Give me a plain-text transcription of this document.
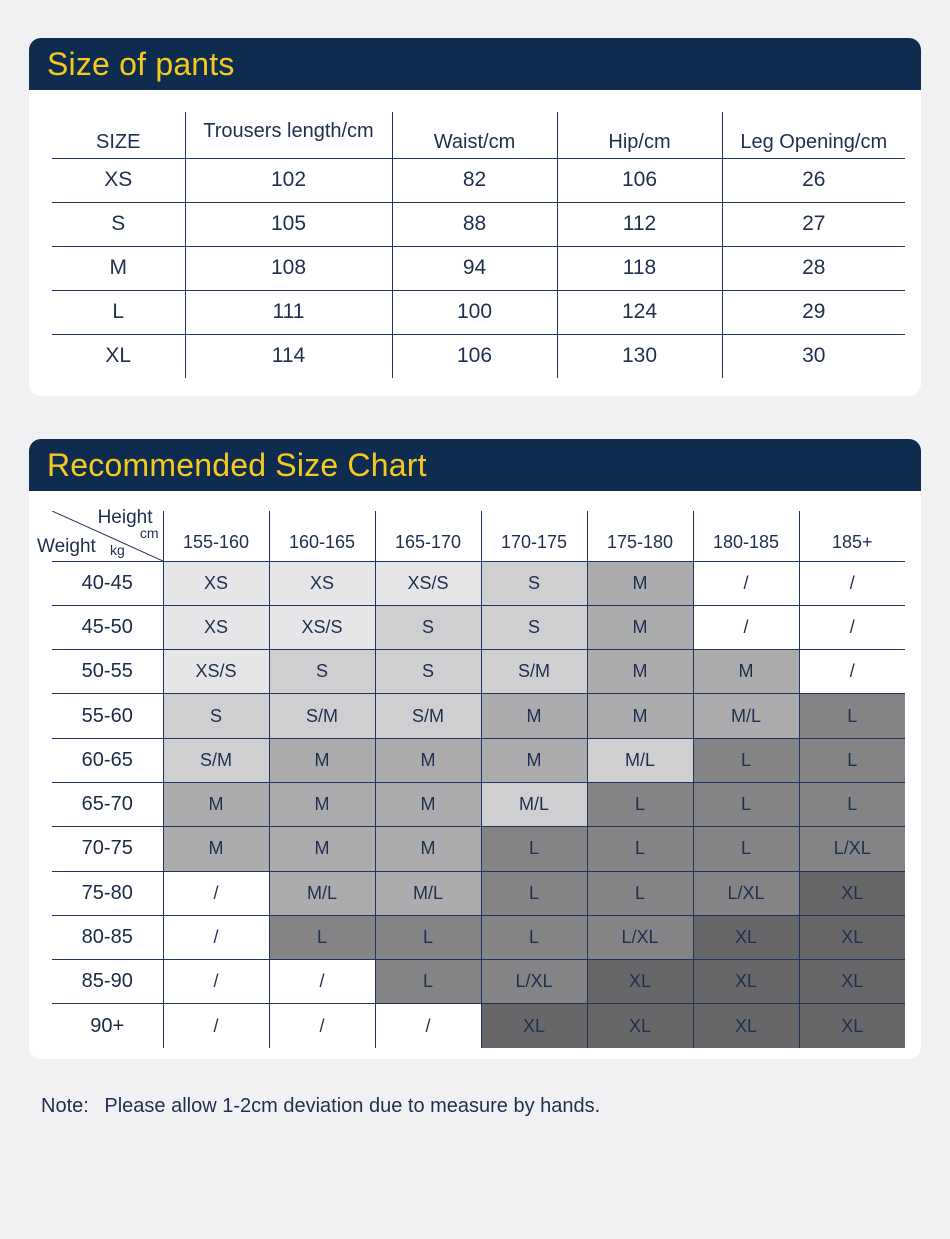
Size of pants
SIZE	Trousers length/cm	Waist/cm	Hip/cm	Leg Opening/cm
XS	102	82	106	26
S	105	88	112	27
M	108	94	118	28
L	111	100	124	29
XL	114	106	130	30
Recommended Size Chart
Height
cm
Weight kg	155-160	160-165	165-170	170-175	175-180	180-185	185+
40-45	XS	XS	XS/S	S	M	/	/
45-50	XS	XS/S	S	S	M	/	/
50-55	XS/S	S	S	S/M	M	M	/
55-60	S	S/M	S/M	M	M	M/L	L
60-65	S/M	M	M	M	M/L	L	L
65-70	M	M	M	M/L	L	L	L
70-75	M	M	M	L	L	L	L/XL
75-80	/	M/L	M/L	L	L	L/XL	XL
80-85	/	L	L	L	L/XL	XL	XL
85-90	/	/	L	L/XL	XL	XL	XL
90+	/	/	/	XL	XL	XL	XL
Note: Please allow 1-2cm deviation due to measure by hands.
